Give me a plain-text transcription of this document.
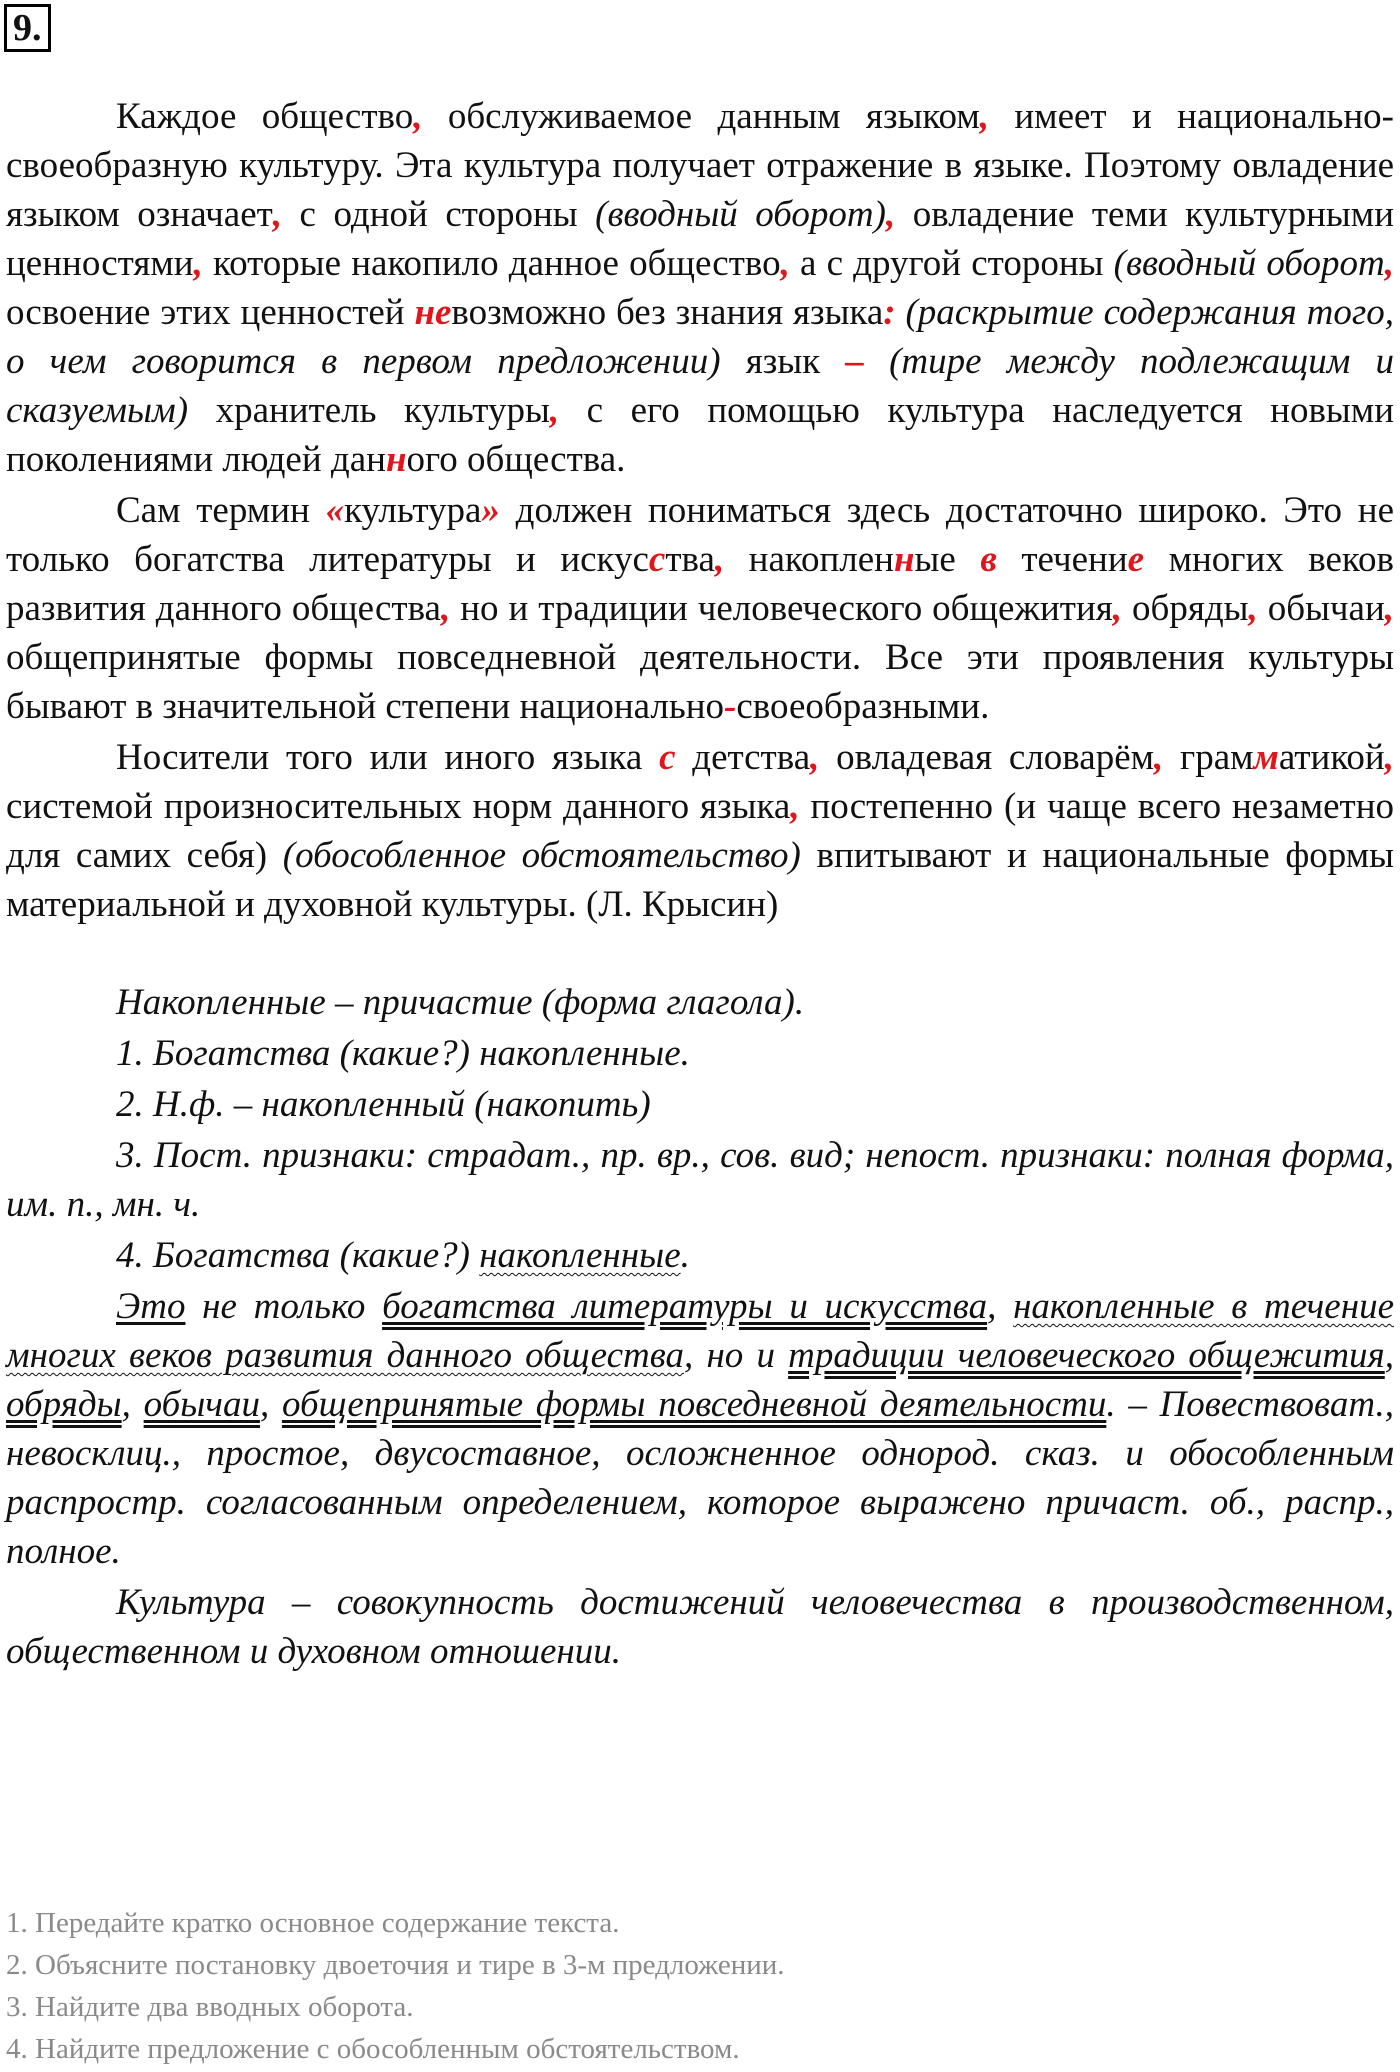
9.

Каждое общество, обслуживаемое данным языком, имеет и национально-своеобразную культуру. Эта культура получает отражение в языке. Поэтому овладение языком означает, с одной стороны (вводный оборот), овладение теми культурными ценностями, которые накопило данное общество, а с другой стороны (вводный оборот, освоение этих ценностей невозможно без знания языка: (раскрытие содержания того, о чем говорится в первом предложении) язык – (тире между подлежащим и сказуемым) хранитель культуры, с его помощью культура наследуется новыми поколениями людей данного общества.

Сам термин «культура» должен пониматься здесь достаточно широко. Это не только богатства литературы и искусства, накопленные в течение многих веков развития данного общества, но и традиции человеческого общежития, обряды, обычаи, общепринятые формы повседневной деятельности. Все эти проявления культуры бывают в значительной степени национально-своеобразными.

Носители того или иного языка с детства, овладевая словарём, грамматикой, системой произносительных норм данного языка, постепенно (и чаще всего незаметно для самих себя) (обособленное обстоятельство) впитывают и национальные формы материальной и духовной культуры. (Л. Крысин)

Накопленные – причастие (форма глагола).

1. Богатства (какие?) накопленные.

2. Н.ф. – накопленный (накопить)

3. Пост. признаки: страдат., пр. вр., сов. вид; непост. признаки: полная форма, им. п., мн. ч.

4. Богатства (какие?) накопленные.

Это не только богатства литературы и искусства, накопленные в течение многих веков развития данного общества, но и традиции человеческого общежития, обряды, обычаи, общепринятые формы повседневной деятельности. – Повествоват., невосклиц., простое, двусоставное, осложненное однород. сказ. и обособленным распростр. согласованным определением, которое выражено причаст. об., распр., полное.

Культура – совокупность достижений человечества в производственном, общественном и духовном отношении.

1. Передайте кратко основное содержание текста.

2. Объясните постановку двоеточия и тире в 3-м предложении.

3. Найдите два вводных оборота.

4. Найдите предложение с обособленным обстоятельством.
